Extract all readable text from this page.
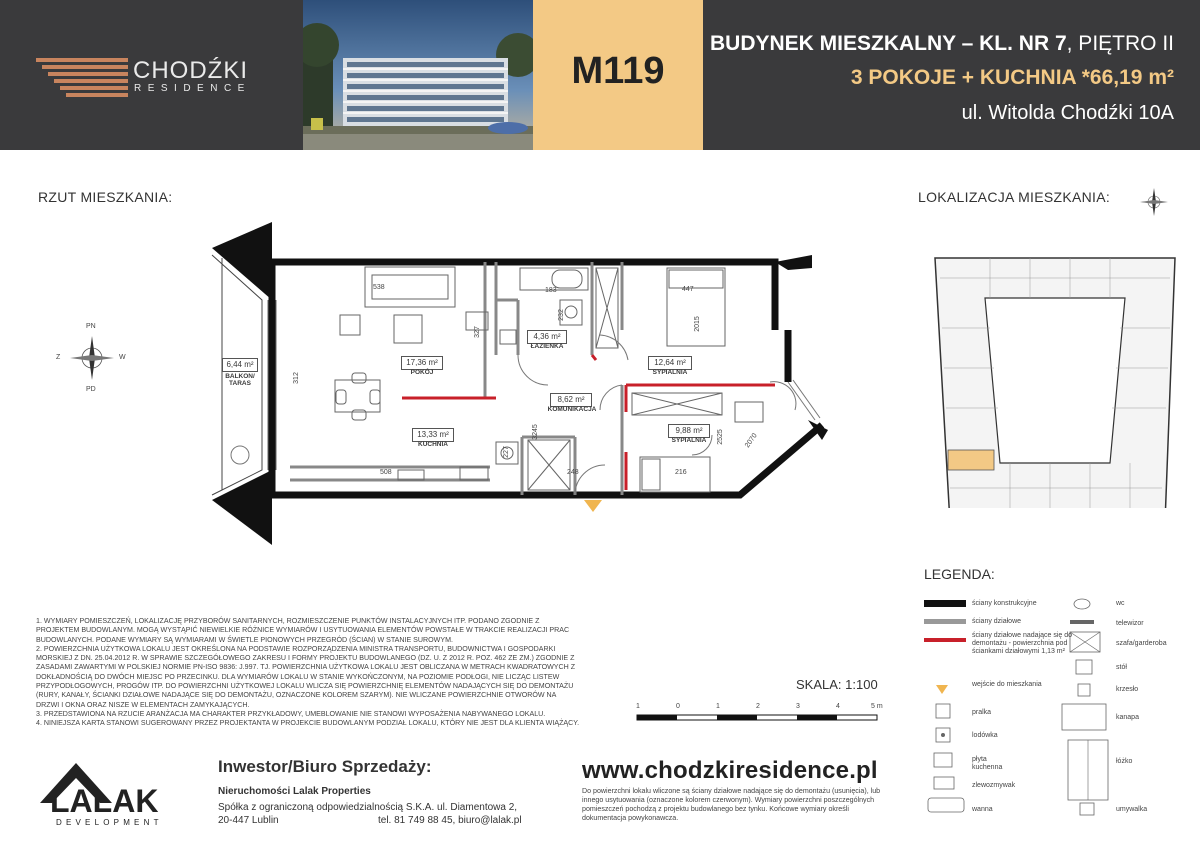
CHODŹKI
RESIDENCE	M119
BUDYNEK MIESZKALNY – KL. NR 7, PIĘTRO II
3 POKOJE + KUCHNIA *66,19 m²
ul. Witolda Chodźki 10A
RZUT MIESZKANIA:	LOKALIZACJA MIESZKANIA:
PN
PD
Z	W
538
508
312
327
183
232
447
2015
3245
227
248
2525
216
2070
6,44 m²
BALKON/
TARAS
17,36 m²
POKÓJ
13,33 m²
KUCHNIA
4,36 m²
ŁAZIENKA
8,62 m²
KOMUNIKACJA
12,64 m²
SYPIALNIA
9,88 m²
SYPIALNIA

1. WYMIARY POMIESZCZEŃ, LOKALIZACJĘ PRZYBORÓW SANITARNYCH, ROZMIESZCZENIE PUNKTÓW INSTALACYJNYCH ITP. PODANO ZGODNIE Z PROJEKTEM BUDOWLANYM. MOGĄ WYSTĄPIĆ NIEWIELKIE RÓŻNICE WYMIARÓW I USYTUOWANIA ELEMENTÓW POWSTAŁE W TRAKCIE REALIZACJI PRAC BUDOWLANYCH. PODANE WYMIARY SĄ WYMIARAMI W ŚWIETLE PIONOWYCH PRZEGRÓD (ŚCIAN) W STANIE SUROWYM.

2. POWIERZCHNIA UŻYTKOWA LOKALU JEST OKREŚLONA NA PODSTAWIE ROZPORZĄDZENIA MINISTRA TRANSPORTU, BUDOWNICTWA I GOSPODARKI MORSKIEJ Z DN. 25.04.2012 R. W SPRAWIE SZCZEGÓŁOWEGO ZAKRESU I FORMY PROJEKTU BUDOWLANEGO (DZ. U. Z 2012 R. POZ. 462 ZE ZM.) ZGODNIE Z ZASADAMI ZAWARTYMI W POLSKIEJ NORMIE PN-ISO 9836: J.997. TJ. POWIERZCHNIA UŻYTKOWA LOKALU JEST OBLICZANA W METRACH KWADRATOWYCH Z DOKŁADNOŚCIĄ DO DWÓCH MIEJSC PO PRZECINKU. DLA WYMIARÓW LOKALU W STANIE WYKOŃCZONYM, NA POZIOMIE PODŁOGI, NIE LICZĄC LISTEW PRZYPODŁOGOWYCH, PROGÓW ITP. DO POWIERZCHNI UŻYTKOWEJ LOKALU WLICZA SIĘ POWIERZCHNIĘ ELEMENTÓW NADAJĄCYCH SIĘ DO DEMONTAŻU (RURY, KANAŁY, ŚCIANKI DZIAŁOWE NADAJĄCE SIĘ DO DEMONTAŻU, OZNACZONE KOLOREM SZARYM). NIE WLICZANE POWIERZCHNIE OTWORÓW NA DRZWI I OKNA ORAZ NISZE W ELEMENTACH ZAMYKAJĄCYCH.

3. PRZEDSTAWIONA NA RZUCIE ARANŻACJA MA CHARAKTER PRZYKŁADOWY, UMEBLOWANIE NIE STANOWI WYPOSAŻENIA NABYWANEGO LOKALU.

4. NINIEJSZA KARTA STANOWI SUGEROWANY PRZEZ PROJEKTANTA W PROJEKCIE BUDOWLANYM PODZIAŁ LOKALU, KTÓRY NIE JEST DLA KLIENTA WIĄŻĄCY.

SKALA: 1:100
1	0	1	2	3	4	5 m
LALAK
DEVELOPMENT
Inwestor/Biuro Sprzedaży:
Nieruchomości Lalak Properties
Spółka z ograniczoną odpowiedzialnością S.K.A. ul. Diamentowa 2,
20-447 Lublin	tel. 81 749 88 45, biuro@lalak.pl
www.chodzkiresidence.pl
Do powierzchni lokalu wliczone są ściany działowe nadające się do demontażu (usunięcia), lub innego usytuowania (oznaczone kolorem czerwonym). Wymiary powierzchni poszczególnych pomieszczeń pochodzą z projektu budowlanego bez tynku. Końcowe wymiary określi dokumentacja powykonawcza.
LEGENDA:
ściany konstrukcyjne
ściany działowe
ściany działowe nadające się do demontażu - powierzchnia pod ściankami działowymi 1,13 m²
wejście do mieszkania
pralka
lodówka
płyta kuchenna
zlewozmywak
wanna
wc
telewizor
szafa/garderoba
stół
krzesło
kanapa
łóżko
umywalka
